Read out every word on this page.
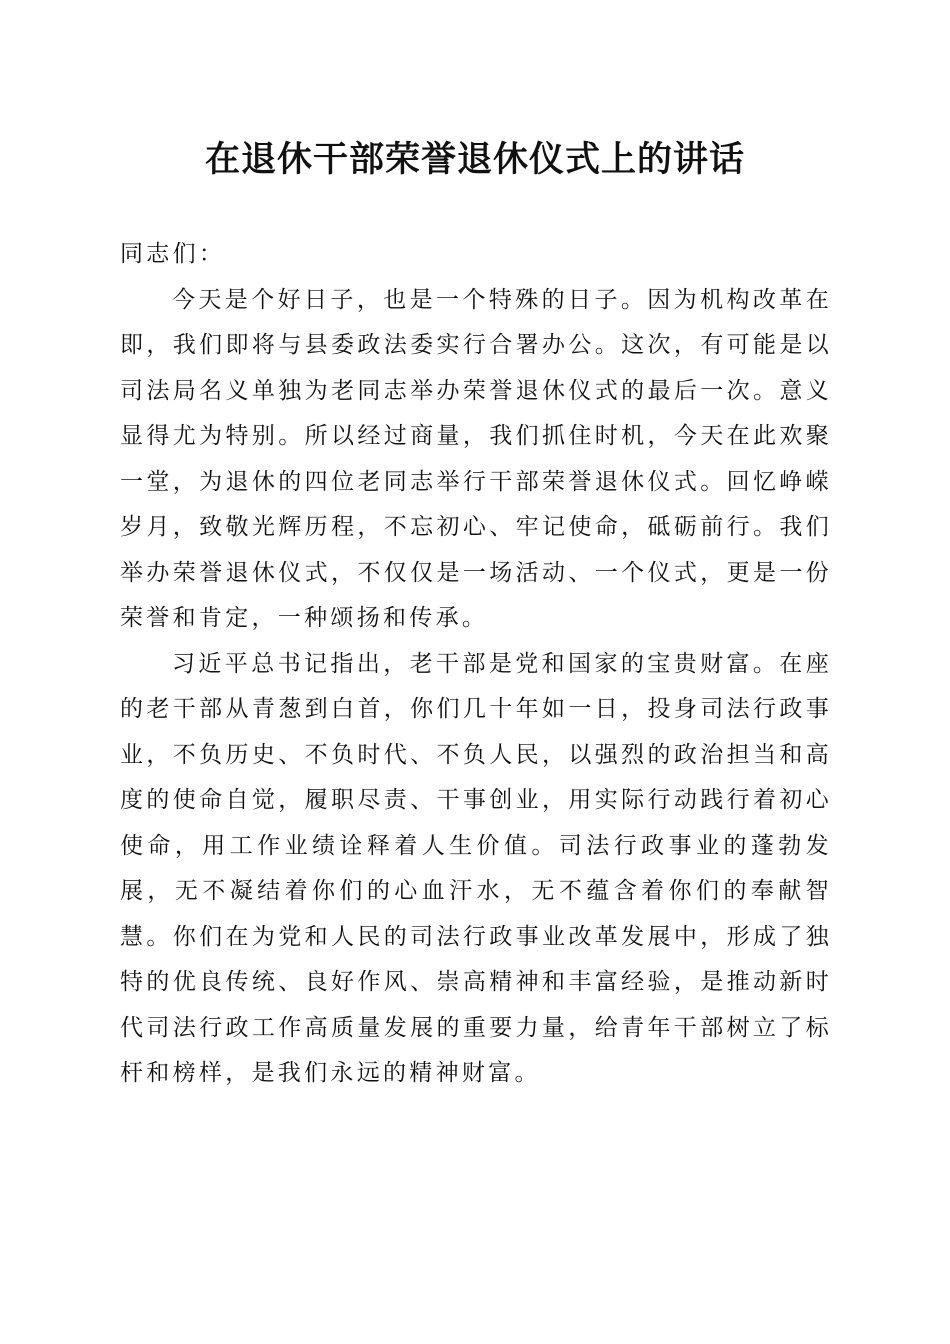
在退休干部荣誉退休仪式上的讲话

同志们：

今天是个好日子，也是一个特殊的日子。因为机构改革在即，我们即将与县委政法委实行合署办公。这次，有可能是以司法局名义单独为老同志举办荣誉退休仪式的最后一次。意义显得尤为特别。所以经过商量，我们抓住时机，今天在此欢聚一堂，为退休的四位老同志举行干部荣誉退休仪式。回忆峥嵘岁月，致敬光辉历程，不忘初心、牢记使命，砥砺前行。我们举办荣誉退休仪式，不仅仅是一场活动、一个仪式，更是一份荣誉和肯定，一种颂扬和传承。

习近平总书记指出，老干部是党和国家的宝贵财富。在座的老干部从青葱到白首，你们几十年如一日，投身司法行政事业，不负历史、不负时代、不负人民，以强烈的政治担当和高度的使命自觉，履职尽责、干事创业，用实际行动践行着初心使命，用工作业绩诠释着人生价值。司法行政事业的蓬勃发展，无不凝结着你们的心血汗水，无不蕴含着你们的奉献智慧。你们在为党和人民的司法行政事业改革发展中，形成了独特的优良传统、良好作风、崇高精神和丰富经验，是推动新时代司法行政工作高质量发展的重要力量，给青年干部树立了标杆和榜样，是我们永远的精神财富。
